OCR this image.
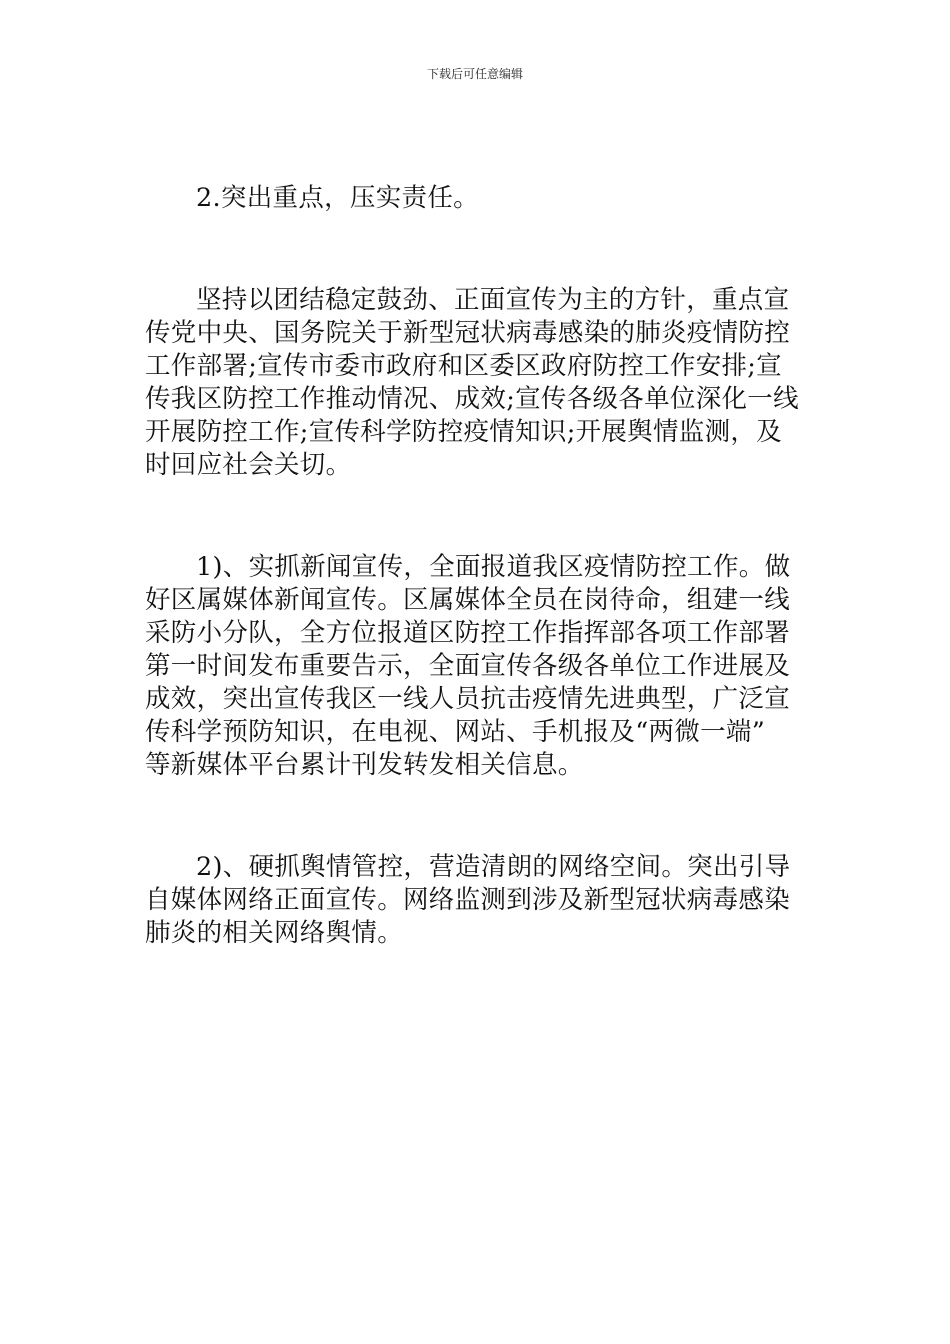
下载后可任意编辑

2.突出重点，压实责任。

坚持以团结稳定鼓劲、正面宣传为主的方针，重点宣
传党中央、国务院关于新型冠状病毒感染的肺炎疫情防控
工作部署;宣传市委市政府和区委区政府防控工作安排;宣
传我区防控工作推动情况、成效;宣传各级各单位深化一线
开展防控工作;宣传科学防控疫情知识;开展舆情监测，及
时回应社会关切。

1)、实抓新闻宣传，全面报道我区疫情防控工作。做
好区属媒体新闻宣传。区属媒体全员在岗待命，组建一线
采防小分队，全方位报道区防控工作指挥部各项工作部署
第一时间发布重要告示，全面宣传各级各单位工作进展及
成效，突出宣传我区一线人员抗击疫情先进典型，广泛宣
传科学预防知识，在电视、网站、手机报及“两微一端”
等新媒体平台累计刊发转发相关信息。

2)、硬抓舆情管控，营造清朗的网络空间。突出引导
自媒体网络正面宣传。网络监测到涉及新型冠状病毒感染
肺炎的相关网络舆情。
